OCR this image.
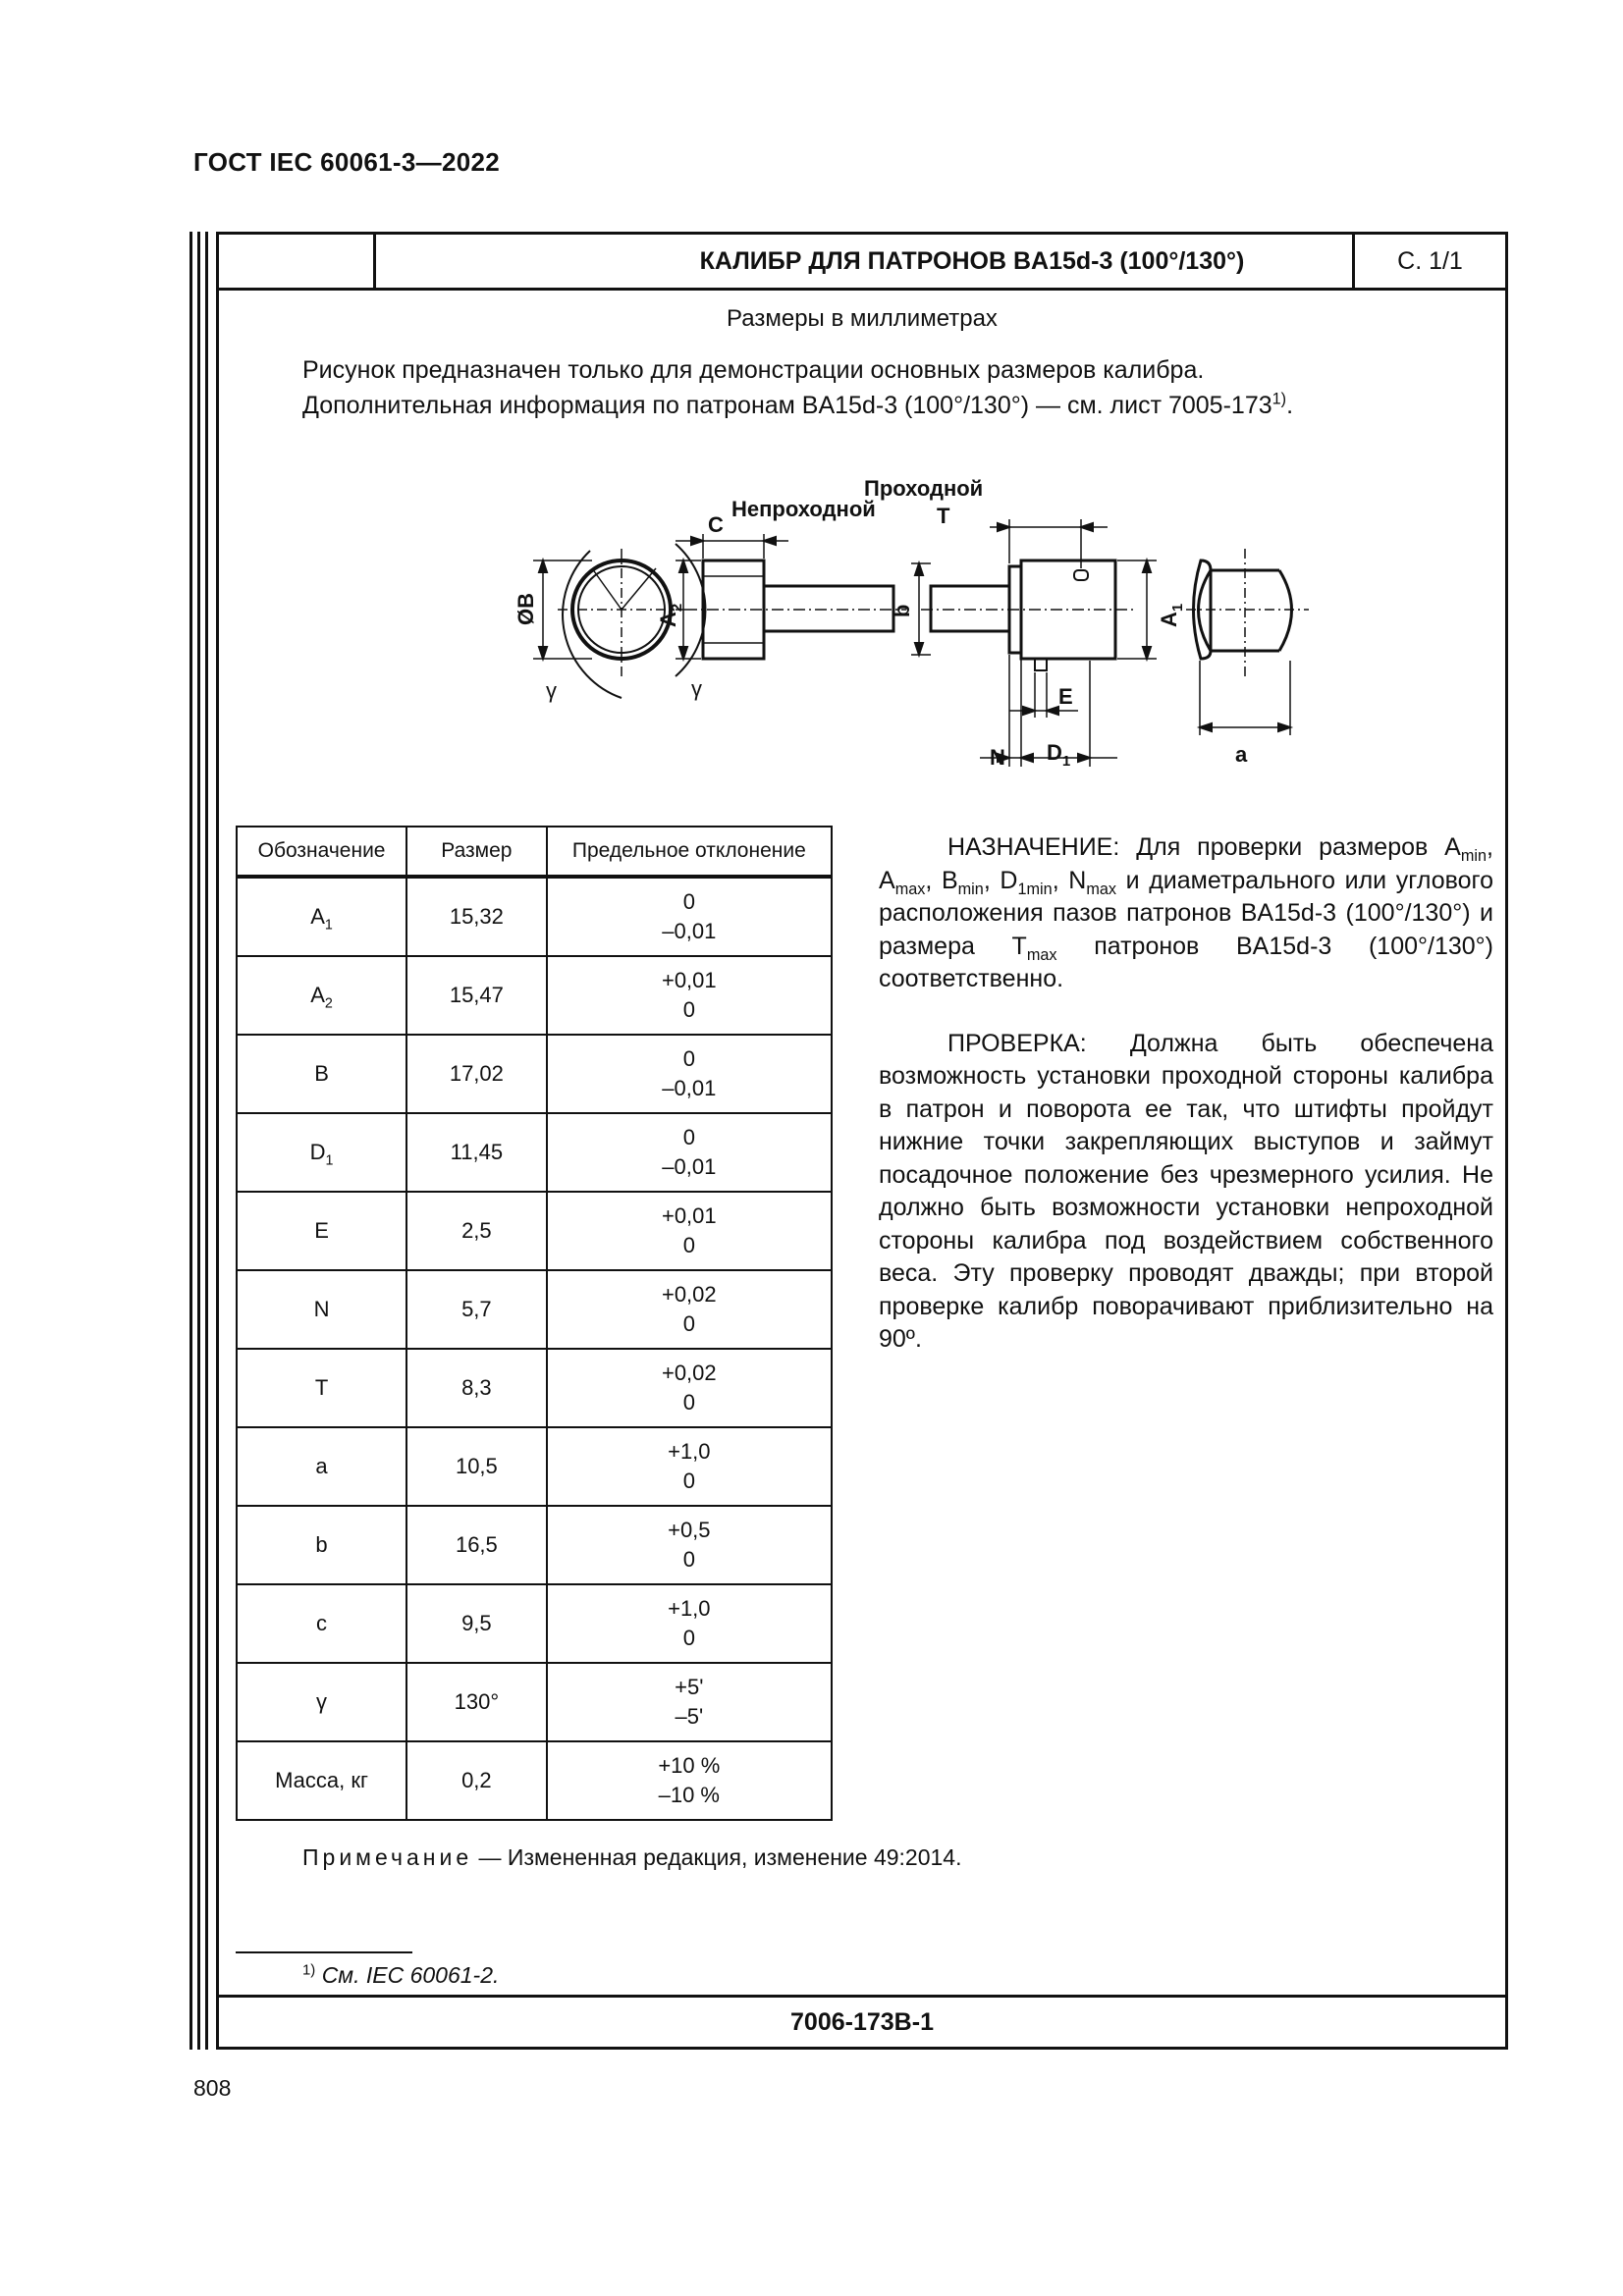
ГОСТ IEC 60061-3—2022
КАЛИБР ДЛЯ ПАТРОНОВ BA15d-3 (100°/130°)	С. 1/1
Размеры в миллиметрах
Рисунок предназначен только для демонстрации основных размеров калибра.
Дополнительная информация по патронам BA15d-3 (100°/130°) — см. лист 7005-173$^{1)}$.
Непроходной
Проходной
T
C
E
N $D_1$	a
γ	γ
ØB	$A_2$	b
$A_1$
Обозначение	Размер	Предельное отклонение
$A_1$	15,32	0
–0,01

$A_2$	15,47	+0,01
0

B	17,02	0
–0,01

$D_1$	11,45	0
–0,01

E	2,5	+0,01
0

N	5,7	+0,02
0

T	8,3	+0,02
0

a	10,5	+1,0
0

b	16,5	+0,5
0

c	9,5	+1,0
0

γ	130°	+5'
–5'

Масса, кг	0,2	+10 %
–10 %

НАЗНАЧЕНИЕ: Для проверки размеров $A_{min}$, $A_{max}$, $B_{min}$, $D_{1min}$, $N_{max}$ и диаметрального или углового расположения пазов патронов BA15d-3 (100°/130°) и размера $T_{max}$ патронов BA15d-3 (100°/130°) соответственно.

ПРОВЕРКА: Должна быть обеспечена возможность установки проходной стороны калибра в патрон и поворота ее так, что штифты пройдут нижние точки закрепляющих выступов и займут посадочное положение без чрезмерного усилия. Не должно быть возможности установки непроходной стороны калибра под воздействием собственного веса. Эту проверку проводят дважды; при второй проверке калибр поворачивают приблизительно на 90º.

Примечание — Измененная редакция, изменение 49:2014.
$^{1)}$ См. IEC 60061-2.
7006-173B-1
808
